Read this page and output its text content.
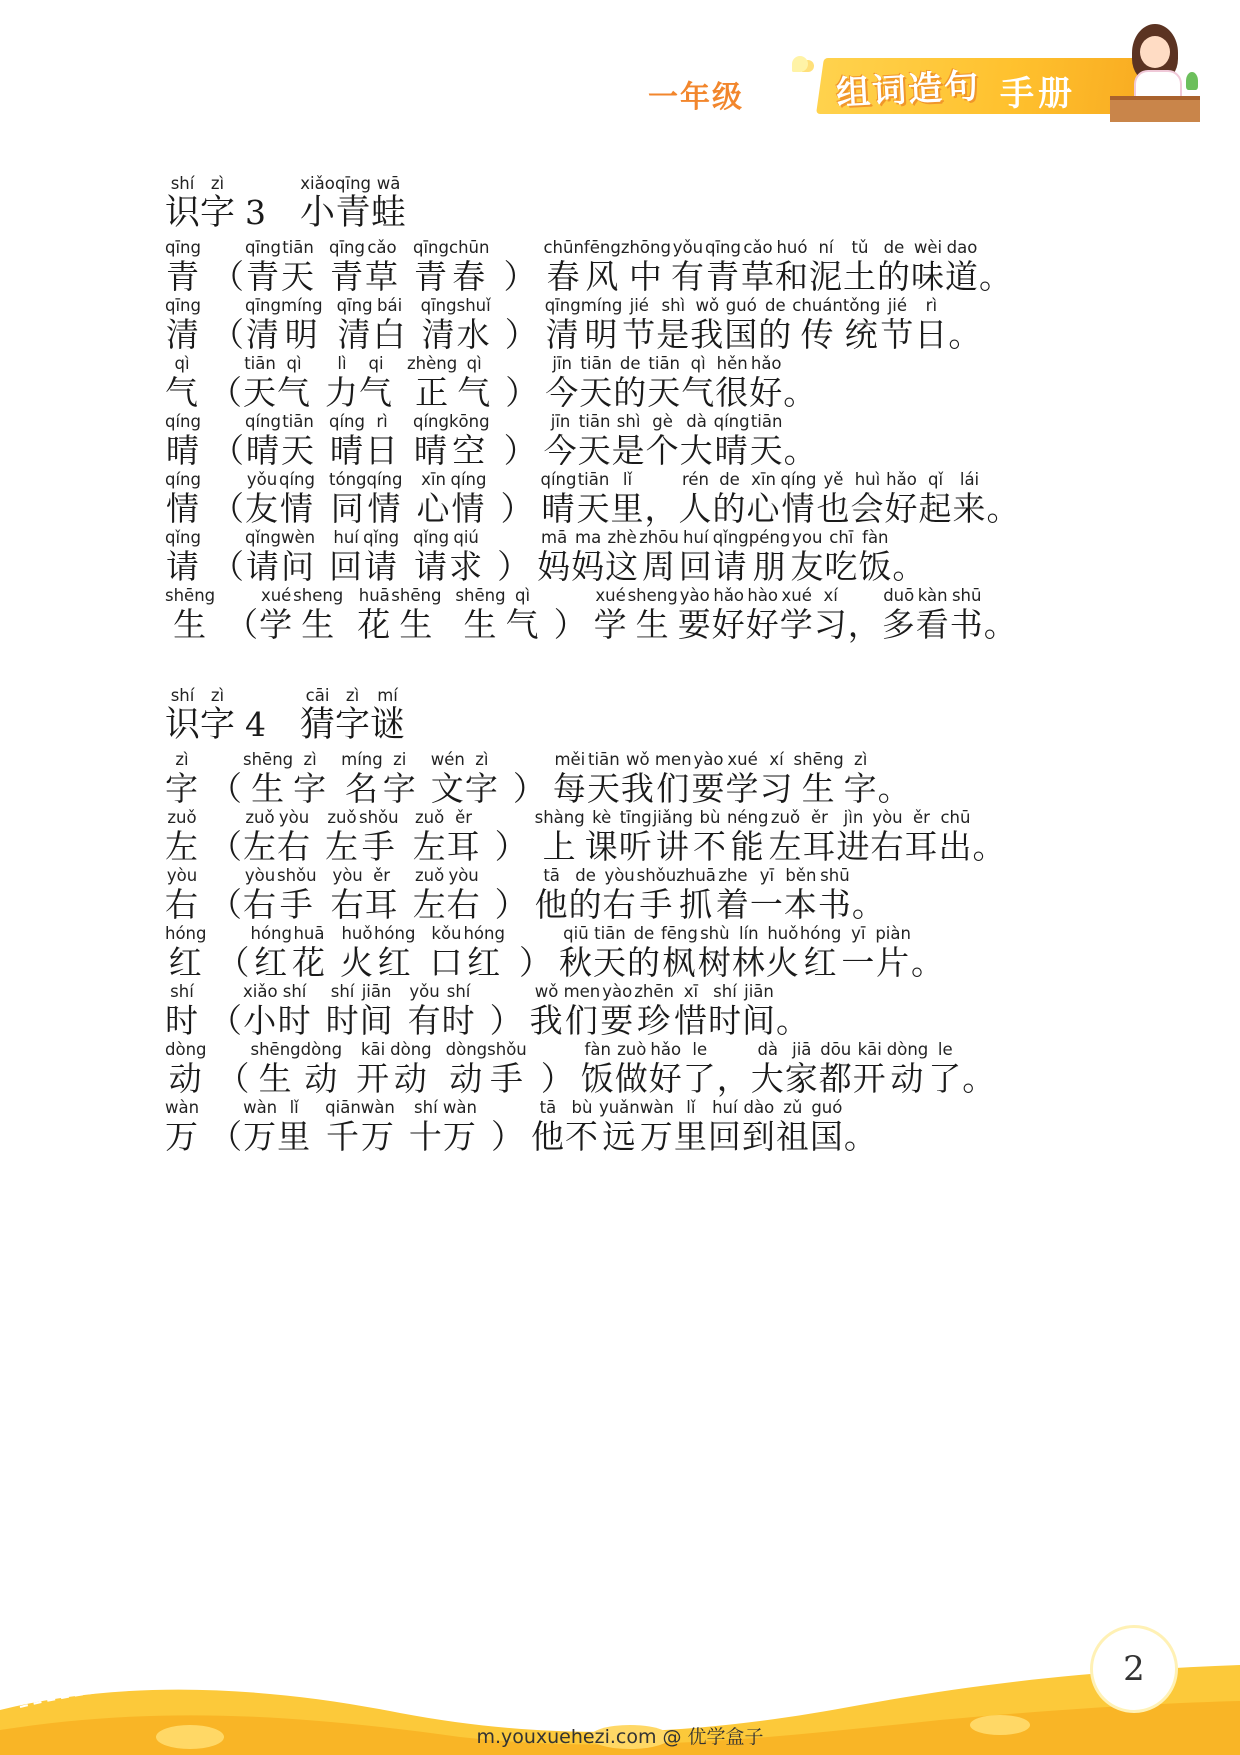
一年级	组词造句 手册
shí
识
zì
字 3
xiǎo
小
qīng
青
wā
蛙
qīng
青 （
qīng
青
tiān
天
qīng
青
cǎo
草
qīng
青
chūn
春 ）
chūn
春
fēng
风
zhōng
中
yǒu
有
qīng
青
cǎo
草
huó
和
ní
泥
tǔ
土
de
的
wèi
味
dao
道 。
qīng
清 （
qīng
清
míng
明
qīng
清
bái
白
qīng
清
shuǐ
水 ）
qīng
清
míng
明
jié
节
shì
是
wǒ
我
guó
国
de
的
chuán
传
tǒng
统
jié
节
rì
日 。
qì
气 （
tiān
天
qì
气
lì
力
qi
气
zhèng
正
qì
气 ）
jīn
今
tiān
天
de
的
tiān
天
qì
气
hěn
很
hǎo
好 。
qíng
晴 （
qíng
晴
tiān
天
qíng
晴
rì
日
qíng
晴
kōng
空 ）
jīn
今
tiān
天
shì
是
gè
个
dà
大
qíng
晴
tiān
天 。
qíng
情 （
yǒu
友
qíng
情
tóng
同
qíng
情
xīn
心
qíng
情 ）
qíng
晴
tiān
天
lǐ
里 ，
rén
人
de
的
xīn
心
qíng
情
yě
也
huì
会
hǎo
好
qǐ
起
lái
来 。
qǐng
请 （
qǐng
请
wèn
问
huí
回
qǐng
请
qǐng
请
qiú
求 ）
mā
妈
ma
妈
zhè
这
zhōu
周
huí
回
qǐng
请
péng
朋
you
友
chī
吃
fàn
饭 。
shēng
生 （
xué
学
sheng
生
huā
花
shēng
生
shēng
生
qì
气 ）
xué
学
sheng
生
yào
要
hǎo
好
hào
好
xué
学
xí
习 ，
duō
多
kàn
看
shū
书 。
shí
识
zì
字 4
cāi
猜
zì
字
mí
谜
zì
字 （
shēng
生
zì
字
míng
名
zi
字
wén
文
zì
字 ）
měi
每
tiān
天
wǒ
我
men
们
yào
要
xué
学
xí
习
shēng
生
zì
字 。
zuǒ
左 （
zuǒ
左
yòu
右
zuǒ
左
shǒu
手
zuǒ
左
ěr
耳 ）
shàng
上
kè
课
tīng
听
jiǎng
讲
bù
不
néng
能
zuǒ
左
ěr
耳
jìn
进
yòu
右
ěr
耳
chū
出 。
yòu
右 （
yòu
右
shǒu
手
yòu
右
ěr
耳
zuǒ
左
yòu
右 ）
tā
他
de
的
yòu
右
shǒu
手
zhuā
抓
zhe
着
yī
一
běn
本
shū
书 。
hóng
红 （
hóng
红
huā
花
huǒ
火
hóng
红
kǒu
口
hóng
红 ）
qiū
秋
tiān
天
de
的
fēng
枫
shù
树
lín
林
huǒ
火
hóng
红
yī
一
piàn
片 。
shí
时 （
xiǎo
小
shí
时
shí
时
jiān
间
yǒu
有
shí
时 ）
wǒ
我
men
们
yào
要
zhēn
珍
xī
惜
shí
时
jiān
间 。
dòng
动 （
shēng
生
dòng
动
kāi
开
dòng
动
dòng
动
shǒu
手 ）
fàn
饭
zuò
做
hǎo
好
le
了 ，
dà
大
jiā
家
dōu
都
kāi
开
dòng
动
le
了 。
wàn
万 （
wàn
万
lǐ
里
qiān
千
wàn
万
shí
十
wàn
万 ）
tā
他
bù
不
yuǎn
远
wàn
万
lǐ
里
huí
回
dào
到
zǔ
祖
guó
国 。
2
m.youxuehezi.com @ 优学盒子
